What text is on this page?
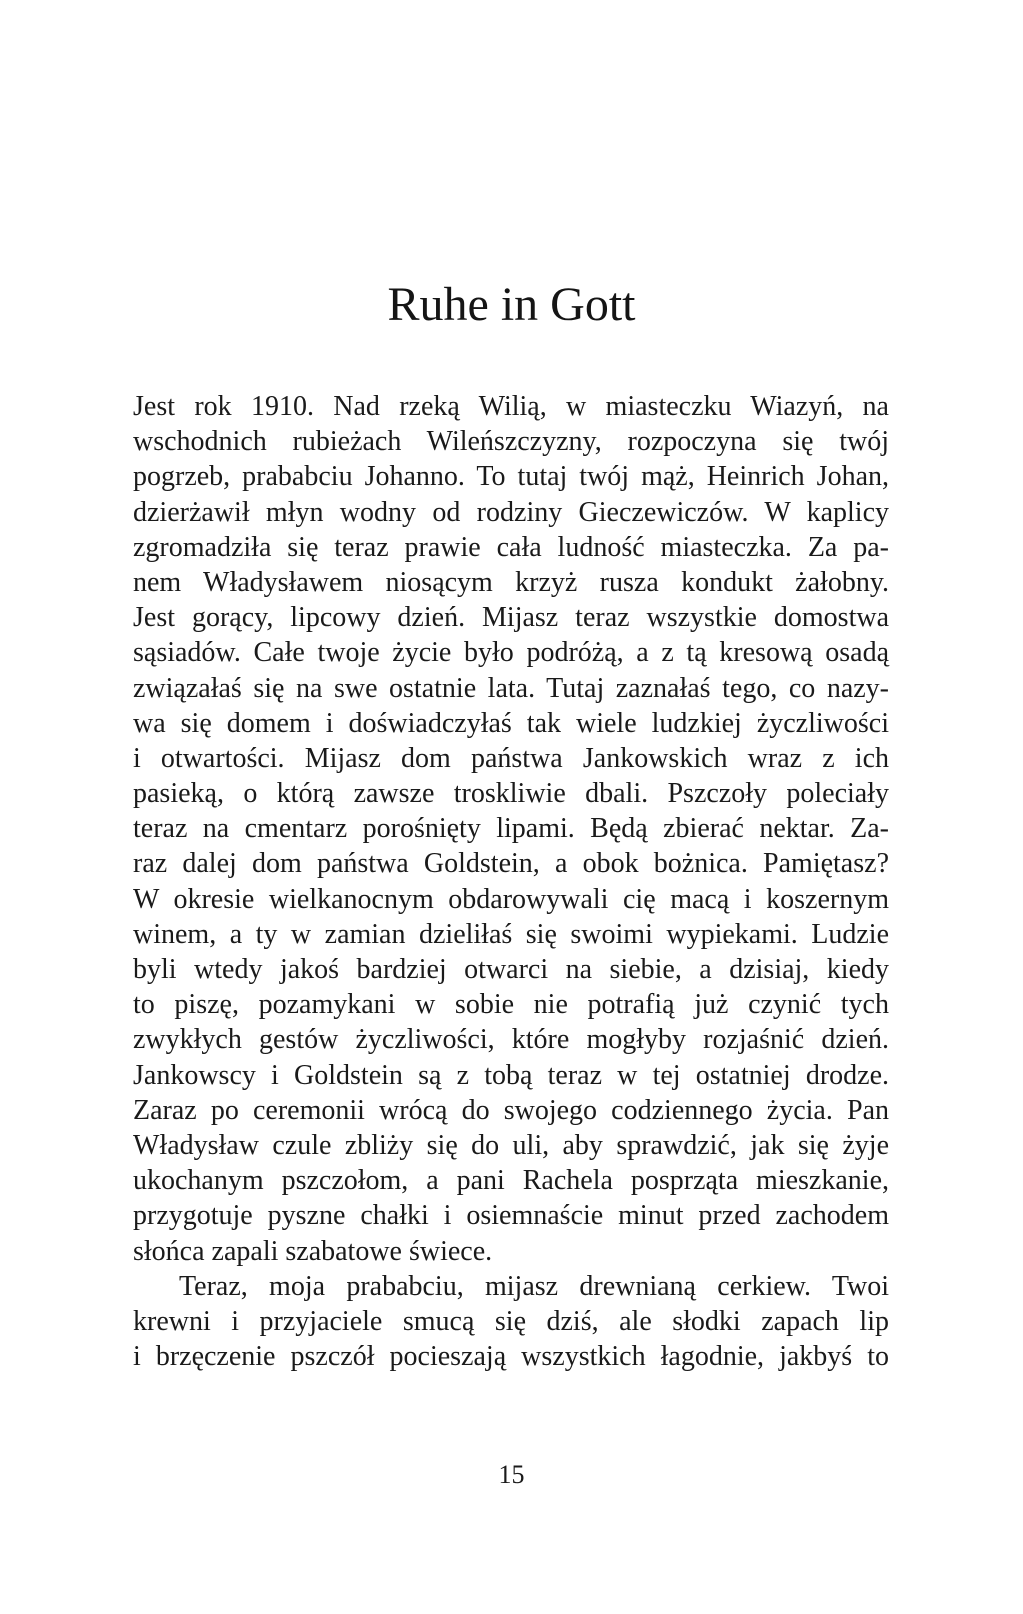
Ruhe in Gott
Jest rok 1910. Nad rzeką Wilią, w miasteczku Wiazyń, na
wschodnich rubieżach Wileńszczyzny, rozpoczyna się twój
pogrzeb, prababciu Johanno. To tutaj twój mąż, Heinrich Johan,
dzierżawił młyn wodny od rodziny Gieczewiczów. W kaplicy
zgromadziła się teraz prawie cała ludność miasteczka. Za pa-
nem Władysławem niosącym krzyż rusza kondukt żałobny.
Jest gorący, lipcowy dzień. Mijasz teraz wszystkie domostwa
sąsiadów. Całe twoje życie było podróżą, a z tą kresową osadą
związałaś się na swe ostatnie lata. Tutaj zaznałaś tego, co nazy-
wa się domem i doświadczyłaś tak wiele ludzkiej życzliwości
i otwartości. Mijasz dom państwa Jankowskich wraz z ich
pasieką, o którą zawsze troskliwie dbali. Pszczoły poleciały
teraz na cmentarz porośnięty lipami. Będą zbierać nektar. Za-
raz dalej dom państwa Goldstein, a obok bożnica. Pamiętasz?
W okresie wielkanocnym obdarowywali cię macą i koszernym
winem, a ty w zamian dzieliłaś się swoimi wypiekami. Ludzie
byli wtedy jakoś bardziej otwarci na siebie, a dzisiaj, kiedy
to piszę, pozamykani w sobie nie potrafią już czynić tych
zwykłych gestów życzliwości, które mogłyby rozjaśnić dzień.
Jankowscy i Goldstein są z tobą teraz w tej ostatniej drodze.
Zaraz po ceremonii wrócą do swojego codziennego życia. Pan
Władysław czule zbliży się do uli, aby sprawdzić, jak się żyje
ukochanym pszczołom, a pani Rachela posprząta mieszkanie,
przygotuje pyszne chałki i osiemnaście minut przed zachodem
słońca zapali szabatowe świece.
Teraz, moja prababciu, mijasz drewnianą cerkiew. Twoi
krewni i przyjaciele smucą się dziś, ale słodki zapach lip
i brzęczenie pszczół pocieszają wszystkich łagodnie, jakbyś to
15
